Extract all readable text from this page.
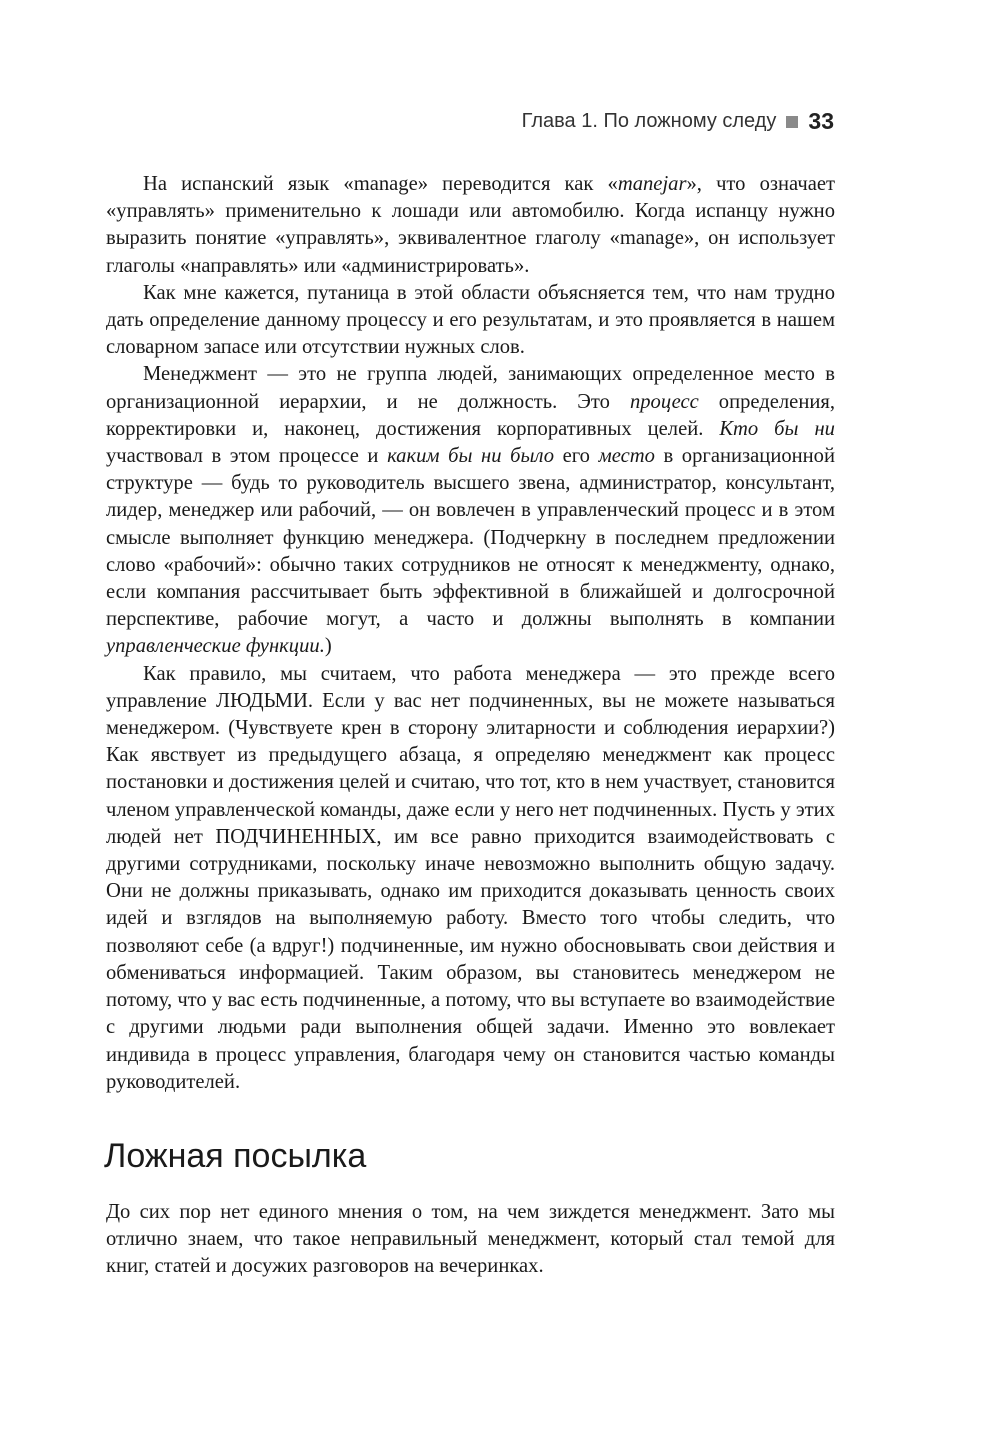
Глава 1. По ложному следу 33

На испанский язык «manage» переводится как «manejar», что означает «управлять» применительно к лошади или автомобилю. Когда испанцу нужно выразить понятие «управлять», эквивалентное глаголу «manage», он использует глаголы «направлять» или «администрировать».

Как мне кажется, путаница в этой области объясняется тем, что нам трудно дать определение данному процессу и его результатам, и это проявляется в нашем словарном запасе или отсутствии нужных слов.

Менеджмент — это не группа людей, занимающих определенное место в организационной иерархии, и не должность. Это процесс определения, корректировки и, наконец, достижения корпоративных целей. Кто бы ни участвовал в этом процессе и каким бы ни было его место в организационной структуре — будь то руководитель высшего звена, администратор, консультант, лидер, менеджер или рабочий, — он вовлечен в управленческий процесс и в этом смысле выполняет функцию менеджера. (Подчеркну в последнем предложении слово «рабочий»: обычно таких сотрудников не относят к менеджменту, однако, если компания рассчитывает быть эффективной в ближайшей и долгосрочной перспективе, рабочие могут, а часто и должны выполнять в компании управленческие функции.)

Как правило, мы считаем, что работа менеджера — это прежде всего управление ЛЮДЬМИ. Если у вас нет подчиненных, вы не можете называться менеджером. (Чувствуете крен в сторону элитарности и соблюдения иерархии?) Как явствует из предыдущего абзаца, я определяю менеджмент как процесс постановки и достижения целей и считаю, что тот, кто в нем участвует, становится членом управленческой команды, даже если у него нет подчиненных. Пусть у этих людей нет ПОДЧИНЕННЫХ, им все равно приходится взаимодействовать с другими сотрудниками, поскольку иначе невозможно выполнить общую задачу. Они не должны приказывать, однако им приходится доказывать ценность своих идей и взглядов на выполняемую работу. Вместо того чтобы следить, что позволяют себе (а вдруг!) подчиненные, им нужно обосновывать свои действия и обмениваться информацией. Таким образом, вы становитесь менеджером не потому, что у вас есть подчиненные, а потому, что вы вступаете во взаимодействие с другими людьми ради выполнения общей задачи. Именно это вовлекает индивида в процесс управления, благодаря чему он становится частью команды руководителей.

Ложная посылка

До сих пор нет единого мнения о том, на чем зиждется менеджмент. Зато мы отлично знаем, что такое неправильный менеджмент, который стал темой для книг, статей и досужих разговоров на вечеринках.
